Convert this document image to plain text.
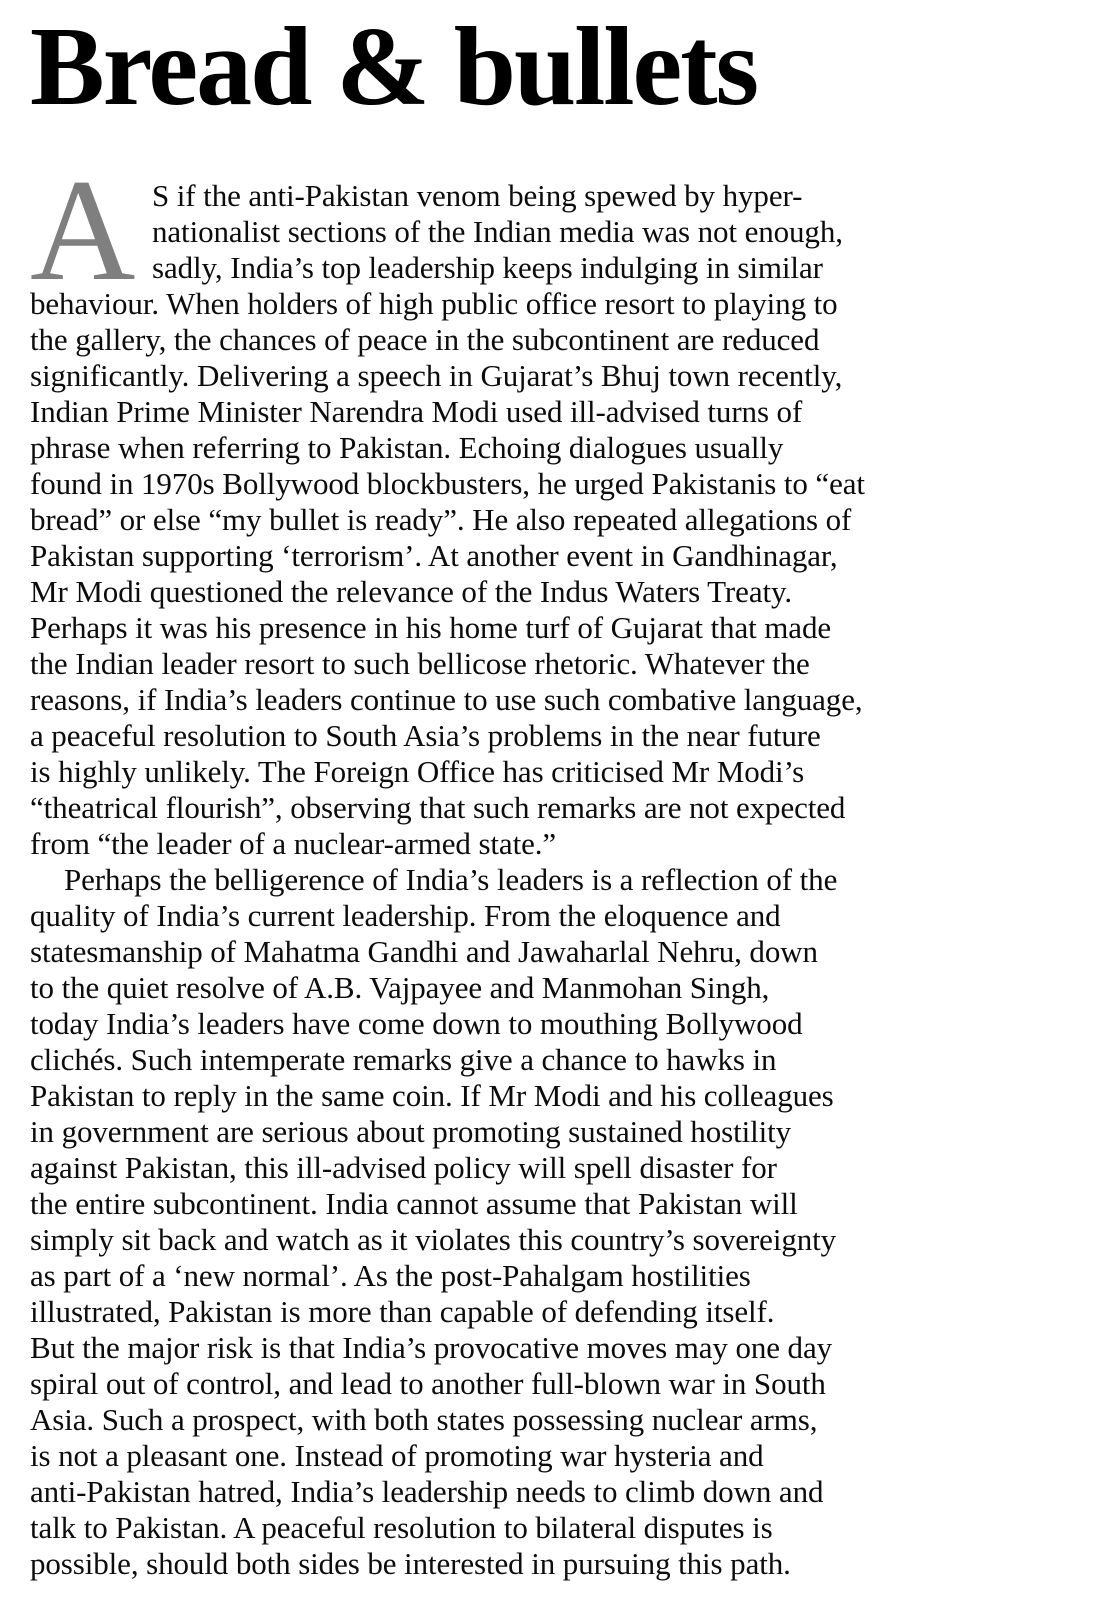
Bread & bullets
A S if the anti-Pakistan venom being spewed by hyper-
nationalist sections of the Indian media was not enough,
sadly, India’s top leadership keeps indulging in similar
behaviour. When holders of high public office resort to playing to
the gallery, the chances of peace in the subcontinent are reduced
significantly. Delivering a speech in Gujarat’s Bhuj town recently,
Indian Prime Minister Narendra Modi used ill-advised turns of
phrase when referring to Pakistan. Echoing dialogues usually
found in 1970s Bollywood blockbusters, he urged Pakistanis to “eat
bread” or else “my bullet is ready”. He also repeated allegations of
Pakistan supporting ‘terrorism’. At another event in Gandhinagar,
Mr Modi questioned the relevance of the Indus Waters Treaty.
Perhaps it was his presence in his home turf of Gujarat that made
the Indian leader resort to such bellicose rhetoric. Whatever the
reasons, if India’s leaders continue to use such combative language,
a peaceful resolution to South Asia’s problems in the near future
is highly unlikely. The Foreign Office has criticised Mr Modi’s
“theatrical flourish”, observing that such remarks are not expected
from “the leader of a nuclear-armed state.”
Perhaps the belligerence of India’s leaders is a reflection of the
quality of India’s current leadership. From the eloquence and
statesmanship of Mahatma Gandhi and Jawaharlal Nehru, down
to the quiet resolve of A.B. Vajpayee and Manmohan Singh,
today India’s leaders have come down to mouthing Bollywood
clichés. Such intemperate remarks give a chance to hawks in
Pakistan to reply in the same coin. If Mr Modi and his colleagues
in government are serious about promoting sustained hostility
against Pakistan, this ill-advised policy will spell disaster for
the entire subcontinent. India cannot assume that Pakistan will
simply sit back and watch as it violates this country’s sovereignty
as part of a ‘new normal’. As the post-Pahalgam hostilities
illustrated, Pakistan is more than capable of defending itself.
But the major risk is that India’s provocative moves may one day
spiral out of control, and lead to another full-blown war in South
Asia. Such a prospect, with both states possessing nuclear arms,
is not a pleasant one. Instead of promoting war hysteria and
anti-Pakistan hatred, India’s leadership needs to climb down and
talk to Pakistan. A peaceful resolution to bilateral disputes is
possible, should both sides be interested in pursuing this path.
